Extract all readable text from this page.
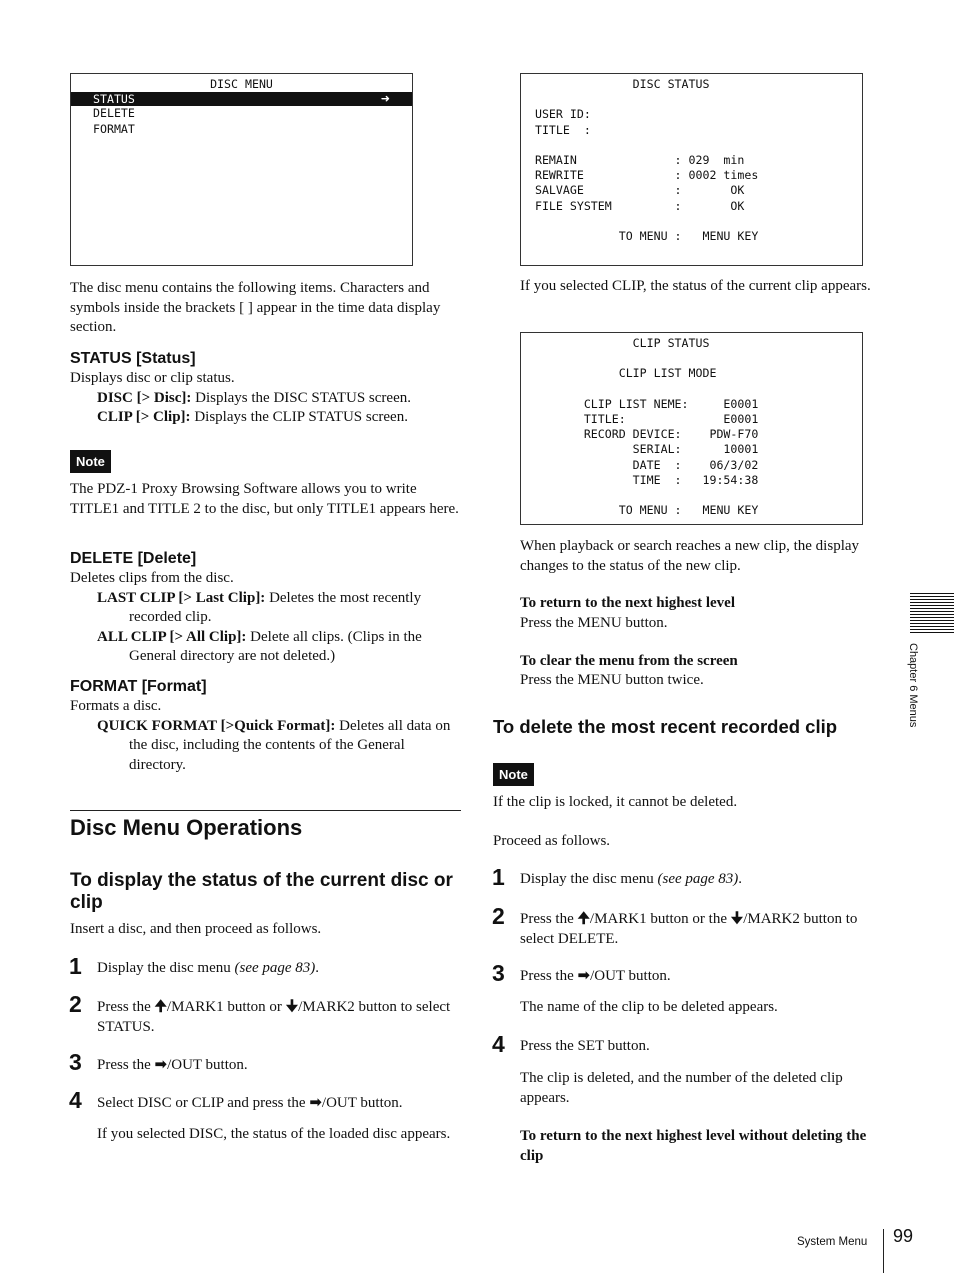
DISC MENU
STATUS	➜
DELETE
FORMAT

The disc menu contains the following items. Characters and symbols inside the brackets [ ] appear in the time data display section.

STATUS [Status]

Displays disc or clip status.

DISC [> Disc]: Displays the DISC STATUS screen.

CLIP [> Clip]: Displays the CLIP STATUS screen.

Note

The PDZ-1 Proxy Browsing Software allows you to write TITLE1 and TITLE 2 to the disc, but only TITLE1 appears here.

DELETE [Delete]

Deletes clips from the disc.

LAST CLIP [> Last Clip]: Deletes the most recently recorded clip.

ALL CLIP [> All Clip]: Delete all clips. (Clips in the General directory are not deleted.)

FORMAT [Format]

Formats a disc.

QUICK FORMAT [>Quick Format]: Deletes all data on the disc, including the contents of the General directory.

Disc Menu Operations
To display the status of the current disc or clip
Insert a disc, and then proceed as follows.
1 Display the disc menu (see page 83).
2 Press the 🠉/MARK1 button or 🠋/MARK2 button to select STATUS.
3 Press the ➡/OUT button.
4 Select DISC or CLIP and press the ➡/OUT button.
If you selected DISC, the status of the loaded disc appears.
DISC STATUS

USER ID:
TITLE  :

REMAIN              : 029  min
REWRITE             : 0002 times
SALVAGE             :       OK
FILE SYSTEM         :       OK

TO MENU :   MENU KEY
If you selected CLIP, the status of the current clip appears.
CLIP STATUS

CLIP LIST MODE

CLIP LIST NEME:     E0001
TITLE:              E0001
RECORD DEVICE:    PDW-F70
SERIAL:      10001
DATE  :    06/3/02
TIME  :   19:54:38

TO MENU :   MENU KEY
When playback or search reaches a new clip, the display changes to the status of the new clip.
To return to the next highest level
Press the MENU button.
To clear the menu from the screen
Press the MENU button twice.
To delete the most recent recorded clip
Note
If the clip is locked, it cannot be deleted.
Proceed as follows.
1 Display the disc menu (see page 83).
2 Press the 🠉/MARK1 button or the 🠋/MARK2 button to select DELETE.
3 Press the ➡/OUT button.
The name of the clip to be deleted appears.
4 Press the SET button.
The clip is deleted, and the number of the deleted clip appears.
To return to the next highest level without deleting the clip
Chapter 6 Menus
System Menu 99
